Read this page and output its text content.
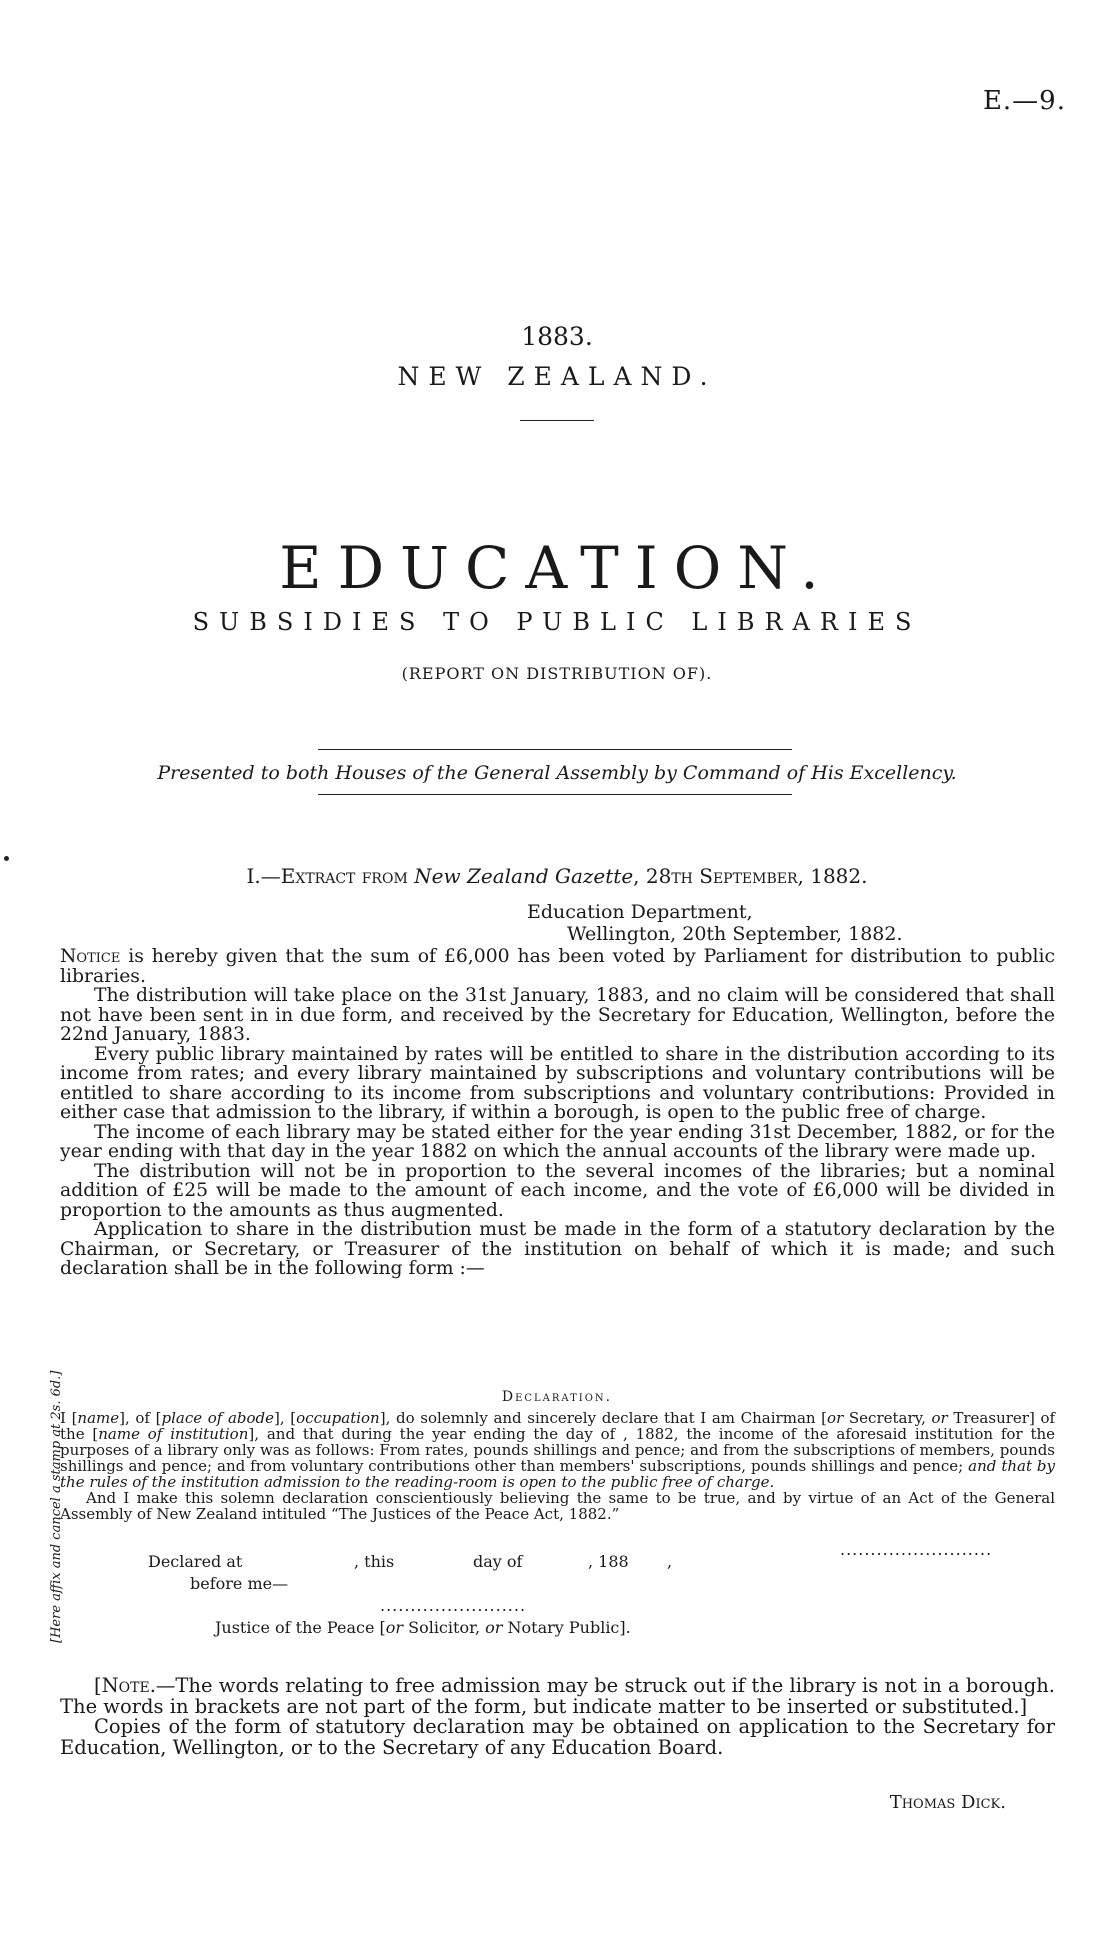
E.—9.
1883.
NEW ZEALAND.
EDUCATION.
SUBSIDIES TO PUBLIC LIBRARIES
(REPORT ON DISTRIBUTION OF).
Presented to both Houses of the General Assembly by Command of His Excellency.
I.—Extract from New Zealand Gazette, 28th September, 1882.
Education Department,
Wellington, 20th September, 1882.

Notice is hereby given that the sum of £6,000 has been voted by Parliament for distribution to public libraries.

The distribution will take place on the 31st January, 1883, and no claim will be considered that shall not have been sent in in due form, and received by the Secretary for Education, Wellington, before the 22nd January, 1883.

Every public library maintained by rates will be entitled to share in the distribution according to its income from rates; and every library maintained by subscriptions and voluntary contributions will be entitled to share according to its income from subscriptions and voluntary contributions: Provided in either case that admission to the library, if within a borough, is open to the public free of charge.

The income of each library may be stated either for the year ending 31st December, 1882, or for the year ending with that day in the year 1882 on which the annual accounts of the library were made up.

The distribution will not be in proportion to the several incomes of the libraries; but a nominal addition of £25 will be made to the amount of each income, and the vote of £6,000 will be divided in proportion to the amounts as thus augmented.

Application to share in the distribution must be made in the form of a statutory declaration by the Chairman, or Secretary, or Treasurer of the institution on behalf of which it is made; and such declaration shall be in the following form :—

Declaration.

I [name], of [place of abode], [occupation], do solemnly and sincerely declare that I am Chairman [or Secretary, or Treasurer] of the [name of institution], and that during the year ending the day of , 1882, the income of the aforesaid institution for the purposes of a library only was as follows: From rates, pounds shillings and pence; and from the subscriptions of members, pounds shillings and pence; and from voluntary contributions other than members' subscriptions, pounds shillings and pence; and that by the rules of the institution admission to the reading-room is open to the public free of charge.

And I make this solemn declaration conscientiously believing the same to be true, and by virtue of an Act of the General Assembly of New Zealand intituled “The Justices of the Peace Act, 1882.”

[Here affix and cancel a stamp at 2s. 6d.]	Declared at	, this	day of	, 188 ,
.........................
before me—
........................
Justice of the Peace [or Solicitor, or Notary Public].

[Note.—The words relating to free admission may be struck out if the library is not in a borough. The words in brackets are not part of the form, but indicate matter to be inserted or substituted.]

Copies of the form of statutory declaration may be obtained on application to the Secretary for Education, Wellington, or to the Secretary of any Education Board.

Thomas Dick.
